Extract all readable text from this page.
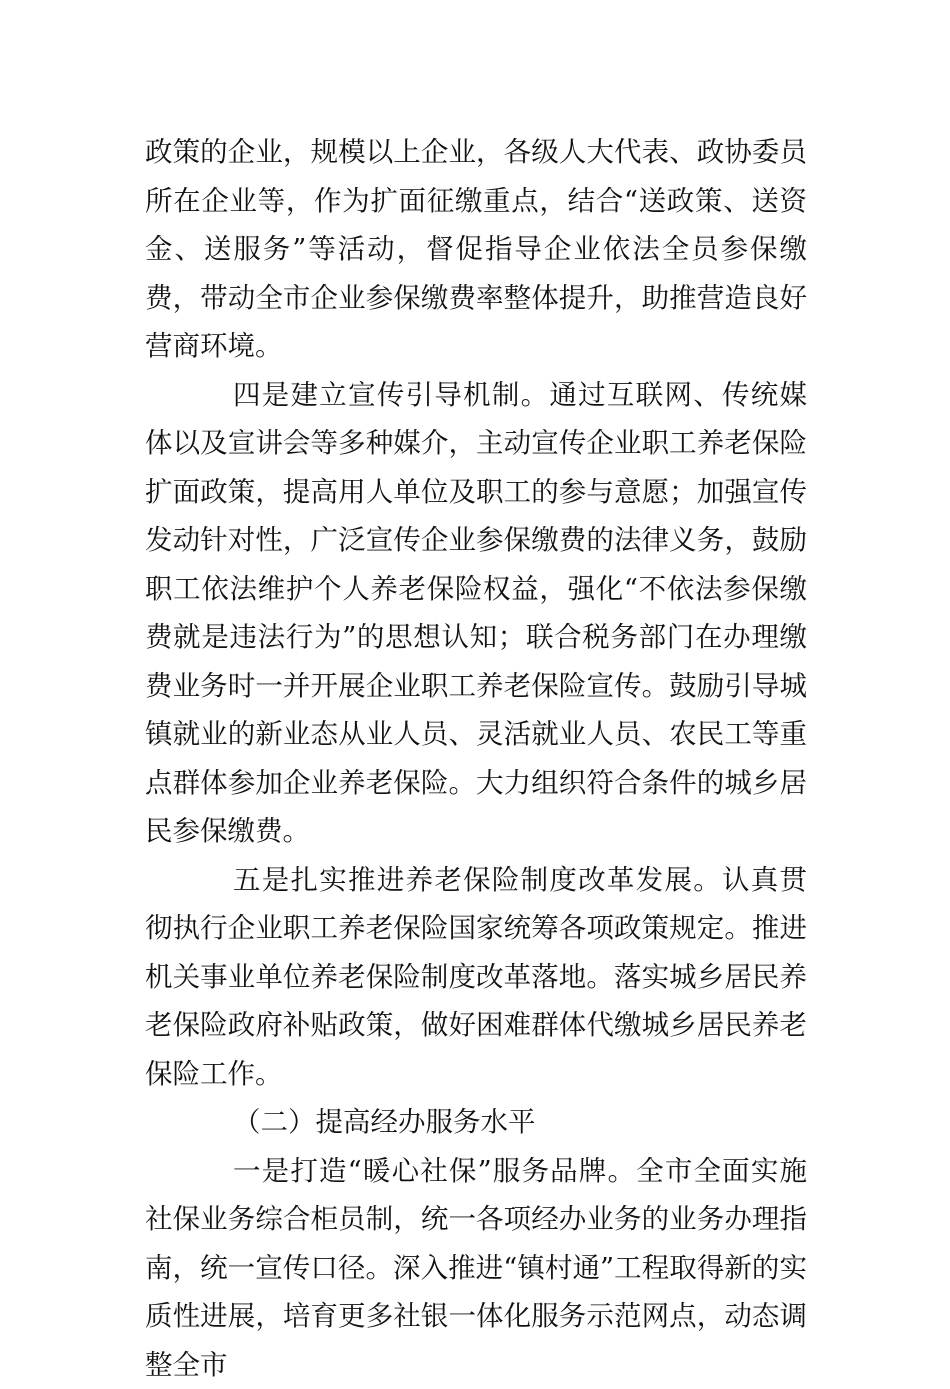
政策的企业，规模以上企业，各级人大代表、政协委员所在企业等，作为扩面征缴重点，结合“送政策、送资金、送服务”等活动，督促指导企业依法全员参保缴费，带动全市企业参保缴费率整体提升，助推营造良好营商环境。

四是建立宣传引导机制。通过互联网、传统媒体以及宣讲会等多种媒介，主动宣传企业职工养老保险扩面政策，提高用人单位及职工的参与意愿；加强宣传发动针对性，广泛宣传企业参保缴费的法律义务，鼓励职工依法维护个人养老保险权益，强化“不依法参保缴费就是违法行为”的思想认知；联合税务部门在办理缴费业务时一并开展企业职工养老保险宣传。鼓励引导城镇就业的新业态从业人员、灵活就业人员、农民工等重点群体参加企业养老保险。大力组织符合条件的城乡居民参保缴费。

五是扎实推进养老保险制度改革发展。认真贯彻执行企业职工养老保险国家统筹各项政策规定。推进机关事业单位养老保险制度改革落地。落实城乡居民养老保险政府补贴政策，做好困难群体代缴城乡居民养老保险工作。

（二）提高经办服务水平

一是打造“暖心社保”服务品牌。全市全面实施社保业务综合柜员制，统一各项经办业务的业务办理指南，统一宣传口径。深入推进“镇村通”工程取得新的实质性进展，培育更多社银一体化服务示范网点，动态调整全市
